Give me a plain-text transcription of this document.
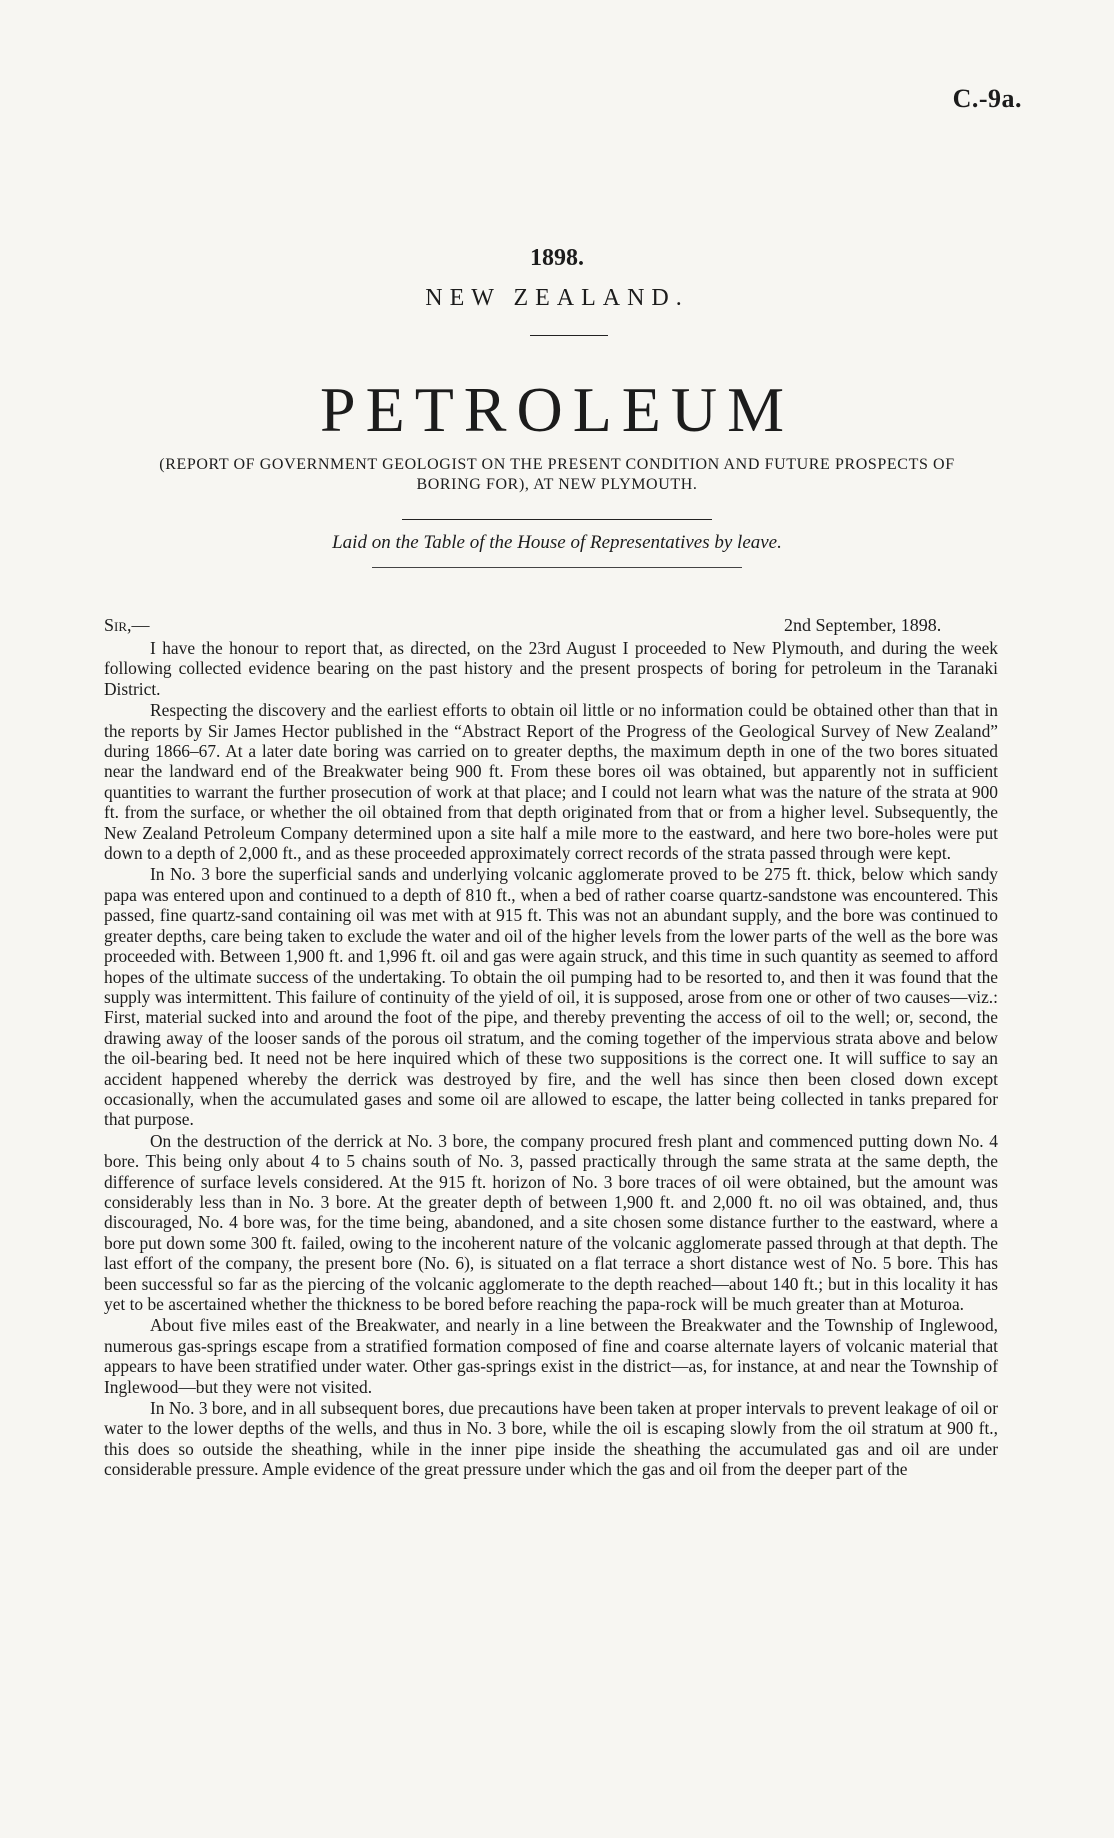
C.-9a.
1898.
NEW ZEALAND.
PETROLEUM
(REPORT OF GOVERNMENT GEOLOGIST ON THE PRESENT CONDITION AND FUTURE PROSPECTS OF BORING FOR), AT NEW PLYMOUTH.
Laid on the Table of the House of Representatives by leave.
Sir,—	2nd September, 1898.

I have the honour to report that, as directed, on the 23rd August I proceeded to New Plymouth, and during the week following collected evidence bearing on the past history and the present prospects of boring for petroleum in the Taranaki District.

Respecting the discovery and the earliest efforts to obtain oil little or no information could be obtained other than that in the reports by Sir James Hector published in the “Abstract Report of the Progress of the Geological Survey of New Zealand” during 1866–67. At a later date boring was carried on to greater depths, the maximum depth in one of the two bores situated near the landward end of the Breakwater being 900 ft. From these bores oil was obtained, but apparently not in sufficient quantities to warrant the further prosecution of work at that place; and I could not learn what was the nature of the strata at 900 ft. from the surface, or whether the oil obtained from that depth originated from that or from a higher level. Subsequently, the New Zealand Petroleum Company determined upon a site half a mile more to the eastward, and here two bore-holes were put down to a depth of 2,000 ft., and as these proceeded approximately correct records of the strata passed through were kept.

In No. 3 bore the superficial sands and underlying volcanic agglomerate proved to be 275 ft. thick, below which sandy papa was entered upon and continued to a depth of 810 ft., when a bed of rather coarse quartz-sandstone was encountered. This passed, fine quartz-sand containing oil was met with at 915 ft. This was not an abundant supply, and the bore was continued to greater depths, care being taken to exclude the water and oil of the higher levels from the lower parts of the well as the bore was proceeded with. Between 1,900 ft. and 1,996 ft. oil and gas were again struck, and this time in such quantity as seemed to afford hopes of the ultimate success of the undertaking. To obtain the oil pumping had to be resorted to, and then it was found that the supply was intermittent. This failure of continuity of the yield of oil, it is supposed, arose from one or other of two causes—viz.: First, material sucked into and around the foot of the pipe, and thereby preventing the access of oil to the well; or, second, the drawing away of the looser sands of the porous oil stratum, and the coming together of the impervious strata above and below the oil-bearing bed. It need not be here inquired which of these two suppositions is the correct one. It will suffice to say an accident happened whereby the derrick was destroyed by fire, and the well has since then been closed down except occasionally, when the accumulated gases and some oil are allowed to escape, the latter being collected in tanks prepared for that purpose.

On the destruction of the derrick at No. 3 bore, the company procured fresh plant and commenced putting down No. 4 bore. This being only about 4 to 5 chains south of No. 3, passed practically through the same strata at the same depth, the difference of surface levels considered. At the 915 ft. horizon of No. 3 bore traces of oil were obtained, but the amount was considerably less than in No. 3 bore. At the greater depth of between 1,900 ft. and 2,000 ft. no oil was obtained, and, thus discouraged, No. 4 bore was, for the time being, abandoned, and a site chosen some distance further to the eastward, where a bore put down some 300 ft. failed, owing to the incoherent nature of the volcanic agglomerate passed through at that depth. The last effort of the company, the present bore (No. 6), is situated on a flat terrace a short distance west of No. 5 bore. This has been successful so far as the piercing of the volcanic agglomerate to the depth reached—about 140 ft.; but in this locality it has yet to be ascertained whether the thickness to be bored before reaching the papa-rock will be much greater than at Moturoa.

About five miles east of the Breakwater, and nearly in a line between the Breakwater and the Township of Inglewood, numerous gas-springs escape from a stratified formation composed of fine and coarse alternate layers of volcanic material that appears to have been stratified under water. Other gas-springs exist in the district—as, for instance, at and near the Township of Inglewood—but they were not visited.

In No. 3 bore, and in all subsequent bores, due precautions have been taken at proper intervals to prevent leakage of oil or water to the lower depths of the wells, and thus in No. 3 bore, while the oil is escaping slowly from the oil stratum at 900 ft., this does so outside the sheathing, while in the inner pipe inside the sheathing the accumulated gas and oil are under considerable pressure. Ample evidence of the great pressure under which the gas and oil from the deeper part of the
